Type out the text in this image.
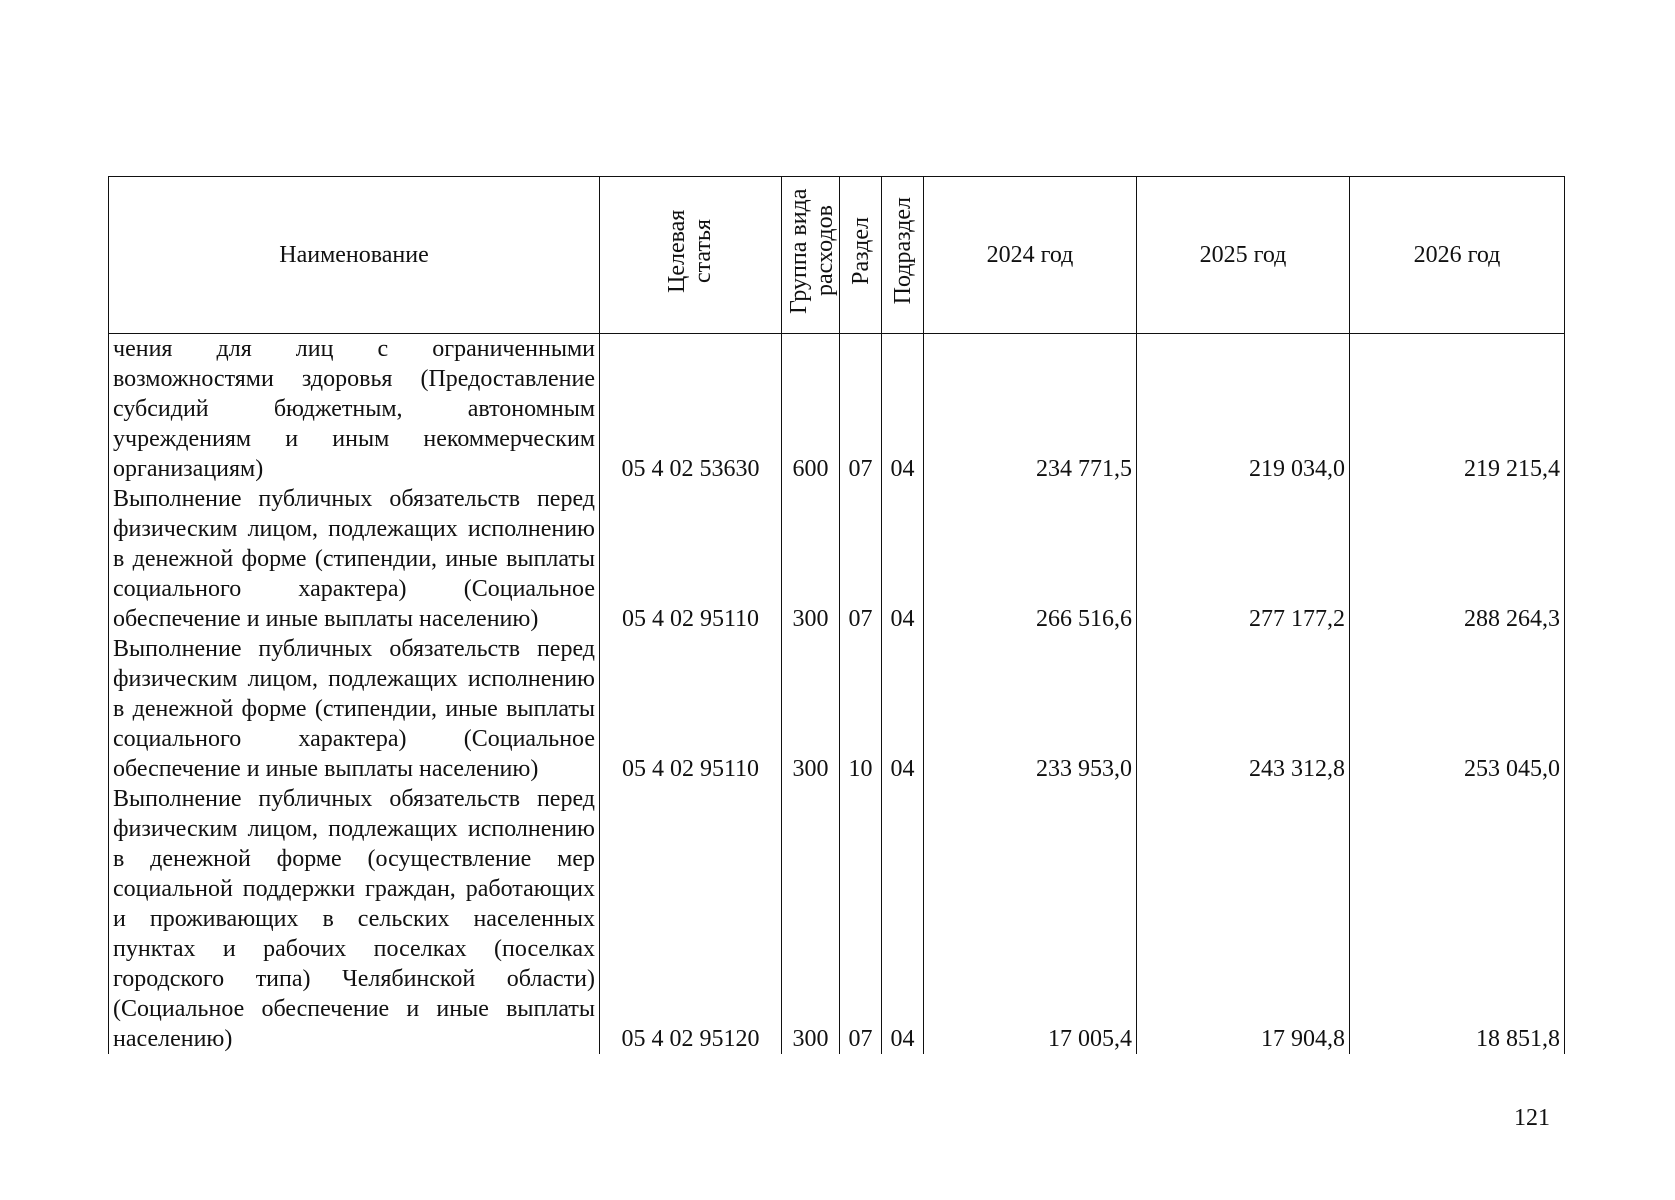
Наименование	Целевая статья	Группа вида расходов	Раздел	Подраздел	2024 год	2025 год	2026 год
чения для лиц с ограниченными возможностями здоровья (Предоставление субсидий бюджетным, автономным учреждениям и иным некоммерческим организациям)	05 4 02 53630	600	07	04	234 771,5	219 034,0	219 215,4
Выполнение публичных обязательств перед физическим лицом, подлежащих исполнению в денежной форме (стипендии, иные выплаты социального характера) (Социальное обеспечение и иные выплаты населению)	05 4 02 95110	300	07	04	266 516,6	277 177,2	288 264,3
Выполнение публичных обязательств перед физическим лицом, подлежащих исполнению в денежной форме (стипендии, иные выплаты социального характера) (Социальное обеспечение и иные выплаты населению)	05 4 02 95110	300	10	04	233 953,0	243 312,8	253 045,0
Выполнение публичных обязательств перед физическим лицом, подлежащих исполнению в денежной форме (осуществление мер социальной поддержки граждан, работающих и проживающих в сельских населенных пунктах и рабочих поселках (поселках городского типа) Челябинской области) (Социальное обеспечение и иные выплаты населению)	05 4 02 95120	300	07	04	17 005,4	17 904,8	18 851,8
121
